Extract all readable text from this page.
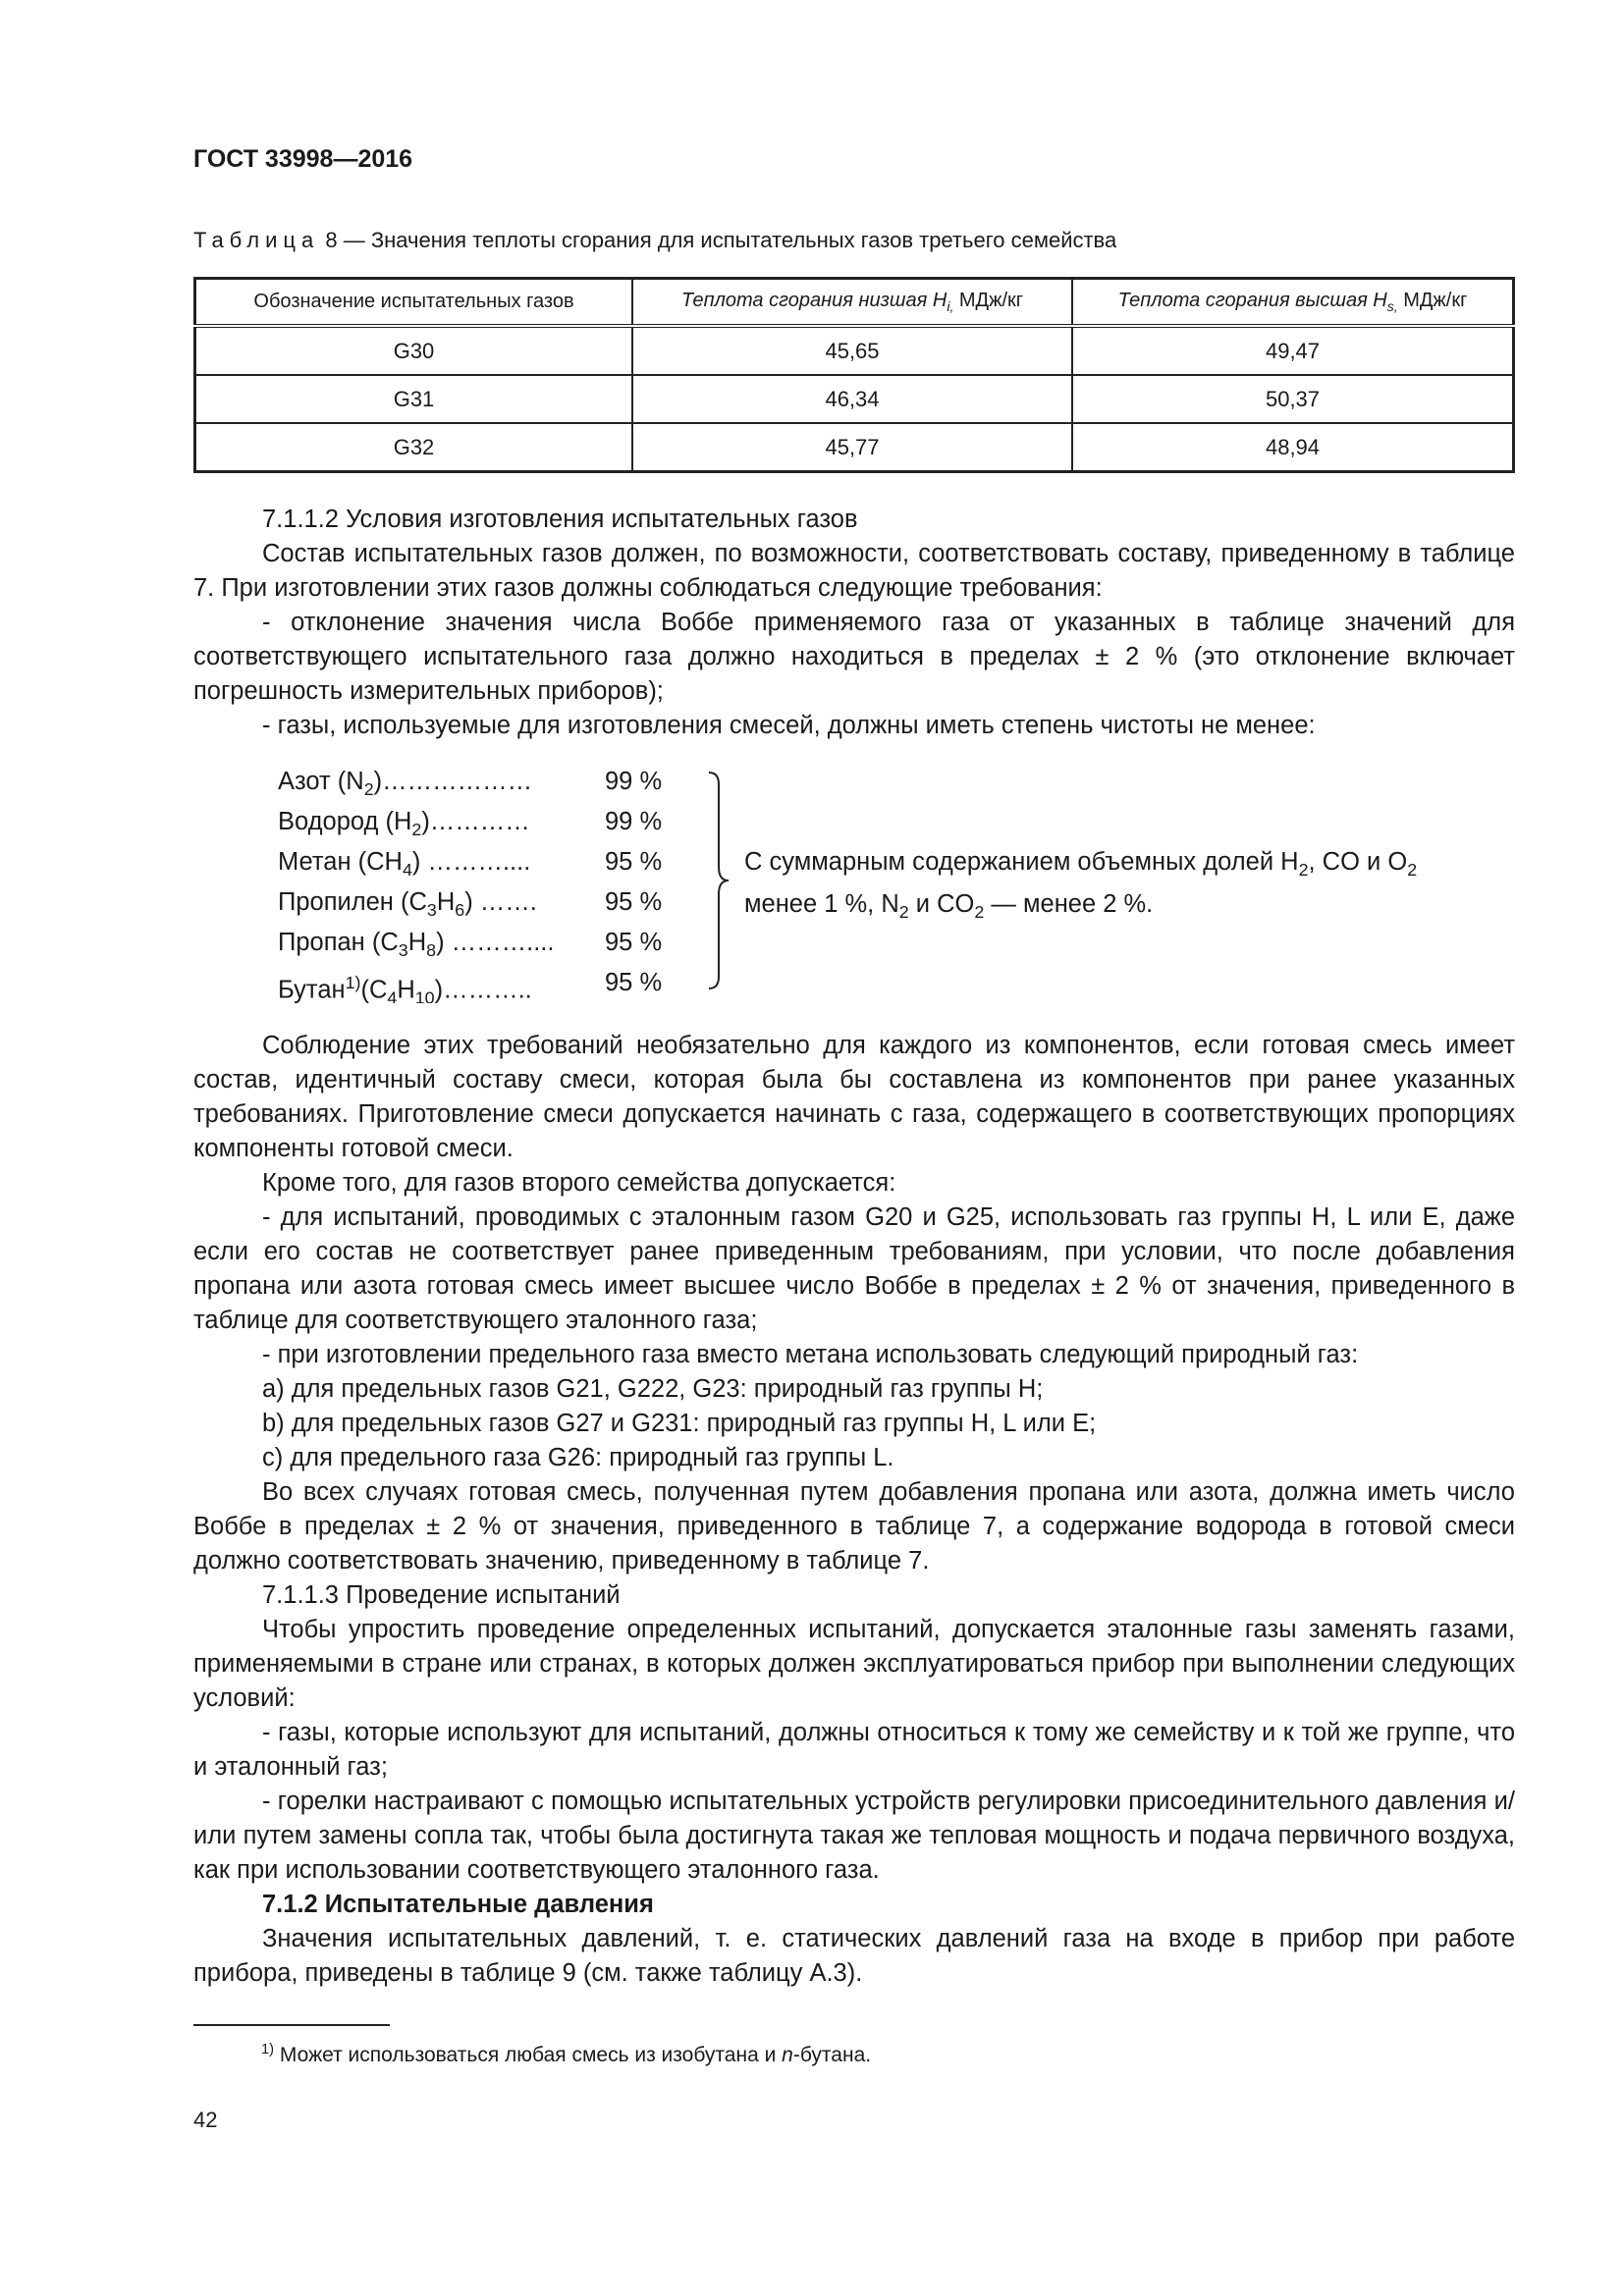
ГОСТ 33998—2016
Таблица 8 — Значения теплоты сгорания для испытательных газов третьего семейства
Обозначение испытательных газов	Теплота сгорания низшая $H_{i,}$ МДж/кг	Теплота сгорания высшая $H_{s,}$ МДж/кг
G30	45,65	49,47
G31	46,34	50,37
G32	45,77	48,94

7.1.1.2 Условия изготовления испытательных газов

Состав испытательных газов должен, по возможности, соответствовать составу, приведенному в таблице 7. При изготовлении этих газов должны соблюдаться следующие требования:

- отклонение значения числа Воббе применяемого газа от указанных в таблице значений для соответствующего испытательного газа должно находиться в пределах ± 2 % (это отклонение включает погрешность измерительных приборов);

- газы, используемые для изготовления смесей, должны иметь степень чистоты не менее:

Азот $(N_2)\dots\dots\dots\dots\dots\dots$	99 %
Водород $(H_2)\dots\dots\dots\dots$	99 %
Метан $(CH_4)$ ………....	95 %
Пропилен $(C_3H_6)$ …….	95 %
Пропан $(C_3H_8)$ ………....	95 %
$Бутан^{1)}(C_4H_{10})\dots\dots\dots$..	95 %
С суммарным содержанием объемных долей $H_2$, CO и $O_2$
менее 1 %, $N_2$ и $CO_2$ — менее 2 %.

Соблюдение этих требований необязательно для каждого из компонентов, если готовая смесь имеет состав, идентичный составу смеси, которая была бы составлена из компонентов при ранее указанных требованиях. Приготовление смеси допускается начинать с газа, содержащего в соответствующих пропорциях компоненты готовой смеси.

Кроме того, для газов второго семейства допускается:

- для испытаний, проводимых с эталонным газом G20 и G25, использовать газ группы H, L или E, даже если его состав не соответствует ранее приведенным требованиям, при условии, что после добавления пропана или азота готовая смесь имеет высшее число Воббе в пределах ± 2 % от значения, приведенного в таблице для соответствующего эталонного газа;

- при изготовлении предельного газа вместо метана использовать следующий природный газ:

a) для предельных газов G21, G222, G23: природный газ группы H;

b) для предельных газов G27 и G231: природный газ группы H, L или E;

c) для предельного газа G26: природный газ группы L.

Во всех случаях готовая смесь, полученная путем добавления пропана или азота, должна иметь число Воббе в пределах ± 2 % от значения, приведенного в таблице 7, а содержание водорода в готовой смеси должно соответствовать значению, приведенному в таблице 7.

7.1.1.3 Проведение испытаний

Чтобы упростить проведение определенных испытаний, допускается эталонные газы заменять газами, применяемыми в стране или странах, в которых должен эксплуатироваться прибор при выполнении следующих условий:

- газы, которые используют для испытаний, должны относиться к тому же семейству и к той же группе, что и эталонный газ;

- горелки настраивают с помощью испытательных устройств регулировки присоединительного давления и/или путем замены сопла так, чтобы была достигнута такая же тепловая мощность и подача первичного воздуха, как при использовании соответствующего эталонного газа.

7.1.2 Испытательные давления

Значения испытательных давлений, т. е. статических давлений газа на входе в прибор при работе прибора, приведены в таблице 9 (см. также таблицу А.3).

$^{1)}$ Может использоваться любая смесь из изобутана и n-бутана.
42
